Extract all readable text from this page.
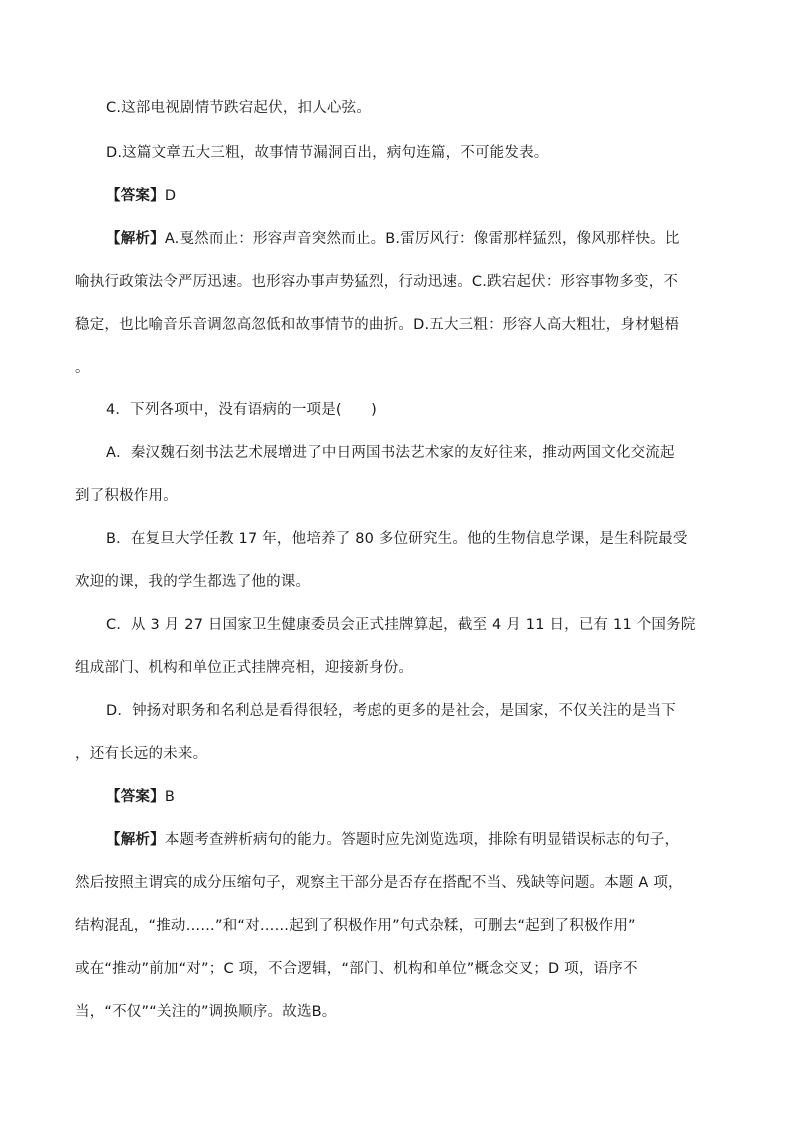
C.这部电视剧情节跌宕起伏，扣人心弦。
D.这篇文章五大三粗，故事情节漏洞百出，病句连篇，不可能发表。
【答案】D
【解析】A.戛然而止：形容声音突然而止。B.雷厉风行：像雷那样猛烈，像风那样快。比
喻执行政策法令严厉迅速。也形容办事声势猛烈，行动迅速。C.跌宕起伏：形容事物多变，不
稳定，也比喻音乐音调忽高忽低和故事情节的曲折。D.五大三粗：形容人高大粗壮，身材魁梧
。
4．下列各项中，没有语病的一项是(　　)
A．秦汉魏石刻书法艺术展增进了中日两国书法艺术家的友好往来，推动两国文化交流起
到了积极作用。
B．在复旦大学任教 17 年，他培养了 80 多位研究生。他的生物信息学课，是生科院最受
欢迎的课，我的学生都选了他的课。
C．从 3 月 27 日国家卫生健康委员会正式挂牌算起，截至 4 月 11 日，已有 11 个国务院
组成部门、机构和单位正式挂牌亮相，迎接新身份。
D．钟扬对职务和名利总是看得很轻，考虑的更多的是社会，是国家，不仅关注的是当下
，还有长远的未来。
【答案】B
【解析】本题考查辨析病句的能力。答题时应先浏览选项，排除有明显错误标志的句子，
然后按照主谓宾的成分压缩句子，观察主干部分是否存在搭配不当、残缺等问题。本题 A 项，
结构混乱，“推动……”和“对……起到了积极作用”句式杂糅，可删去“起到了积极作用”
或在“推动”前加“对”；C 项，不合逻辑，“部门、机构和单位”概念交叉；D 项，语序不
当，“不仅”“关注的”调换顺序。故选B。
